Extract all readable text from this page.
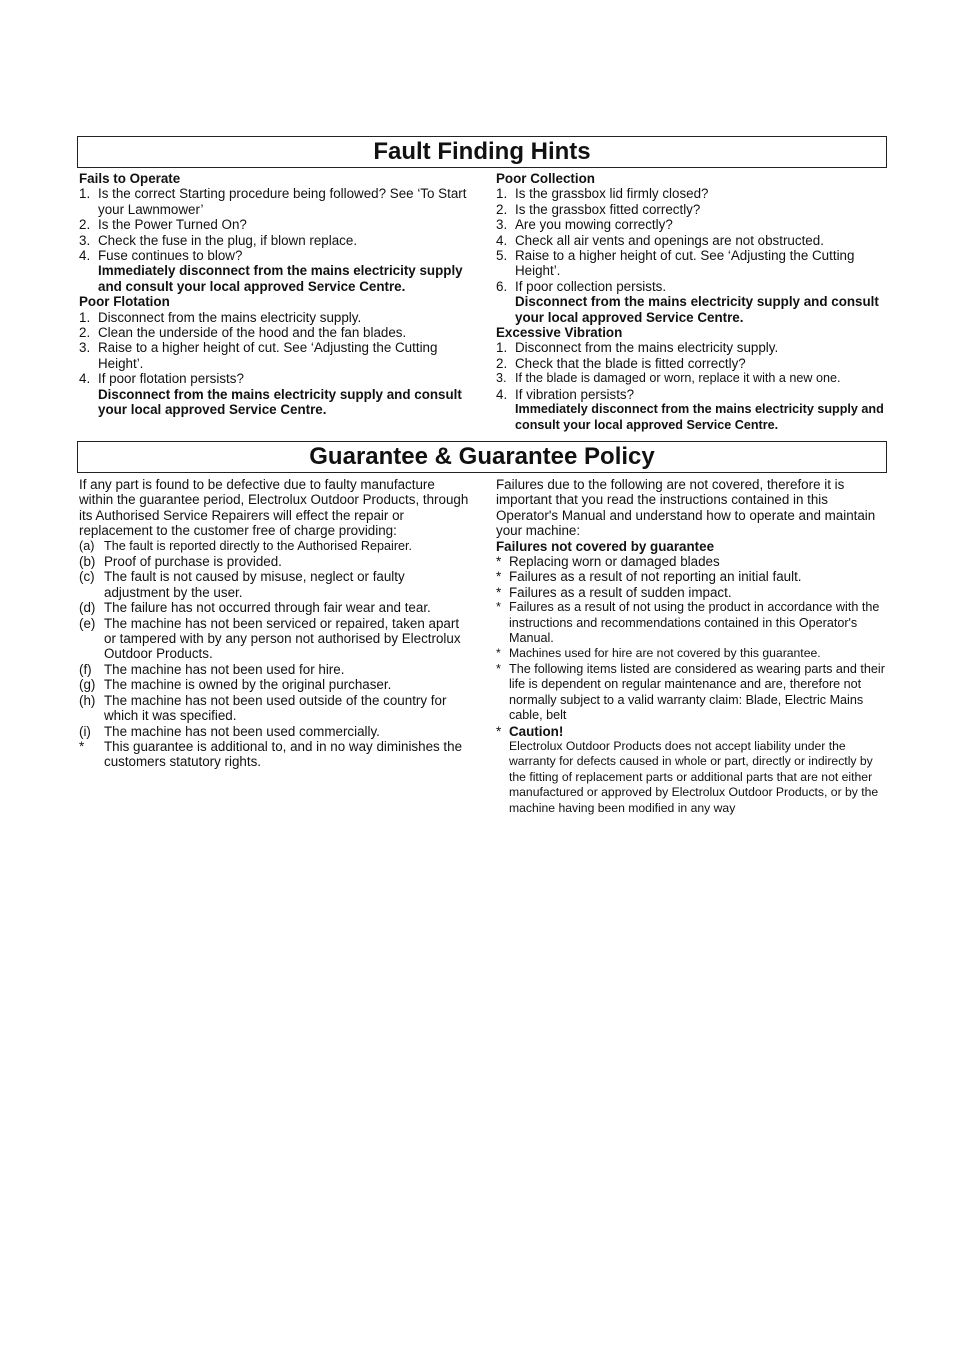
Fault Finding Hints
Fails to Operate
1. Is the correct Starting procedure being followed? See ‘To Start your Lawnmower’
2. Is the Power Turned On?
3. Check the fuse in the plug, if blown replace.
4. Fuse continues to blow?
Immediately disconnect from the mains electricity supply and consult your local approved Service Centre.
Poor Flotation
1. Disconnect from the mains electricity supply.
2. Clean the underside of the hood and the fan blades.
3. Raise to a higher height of cut. See ‘Adjusting the Cutting Height’.
4. If poor flotation persists?
Disconnect from the mains electricity supply and consult your local approved Service Centre.
Poor Collection
1. Is the grassbox lid firmly closed?
2. Is the grassbox fitted correctly?
3. Are you mowing correctly?
4. Check all air vents and openings are not obstructed.
5. Raise to a higher height of cut. See ‘Adjusting the Cutting Height’.
6. If poor collection persists.
Disconnect from the mains electricity supply and consult your local approved Service Centre.
Excessive Vibration
1. Disconnect from the mains electricity supply.
2. Check that the blade is fitted correctly?
3. If the blade is damaged or worn, replace it with a new one.
4. If vibration persists?
Immediately disconnect from the mains electricity supply and consult your local approved Service Centre.
Guarantee & Guarantee Policy

If any part is found to be defective due to faulty manufacture within the guarantee period, Electrolux Outdoor Products, through its Authorised Service Repairers will effect the repair or replacement to the customer free of charge providing:

(a) The fault is reported directly to the Authorised Repairer.
(b) Proof of purchase is provided.
(c) The fault is not caused by misuse, neglect or faulty adjustment by the user.
(d) The failure has not occurred through fair wear and tear.
(e) The machine has not been serviced or repaired, taken apart or tampered with by any person not authorised by Electrolux Outdoor Products.
(f) The machine has not been used for hire.
(g) The machine is owned by the original purchaser.
(h) The machine has not been used outside of the country for which it was specified.
(i) The machine has not been used commercially.
*	This guarantee is additional to, and in no way diminishes the customers statutory rights.

Failures due to the following are not covered, therefore it is important that you read the instructions contained in this Operator's Manual and understand how to operate and maintain your machine:

Failures not covered by guarantee
* Replacing worn or damaged blades
* Failures as a result of not reporting an initial fault.
* Failures as a result of sudden impact.
* Failures as a result of not using the product in accordance with the instructions and recommendations contained in this Operator's Manual.
* Machines used for hire are not covered by this guarantee.
* The following items listed are considered as wearing parts and their life is dependent on regular maintenance and are, therefore not normally subject to a valid warranty claim: Blade, Electric Mains cable, belt
* Caution!
Electrolux Outdoor Products does not accept liability under the warranty for defects caused in whole or part, directly or indirectly by the fitting of replacement parts or additional parts that are not either manufactured or approved by Electrolux Outdoor Products, or by the machine having been modified in any way
